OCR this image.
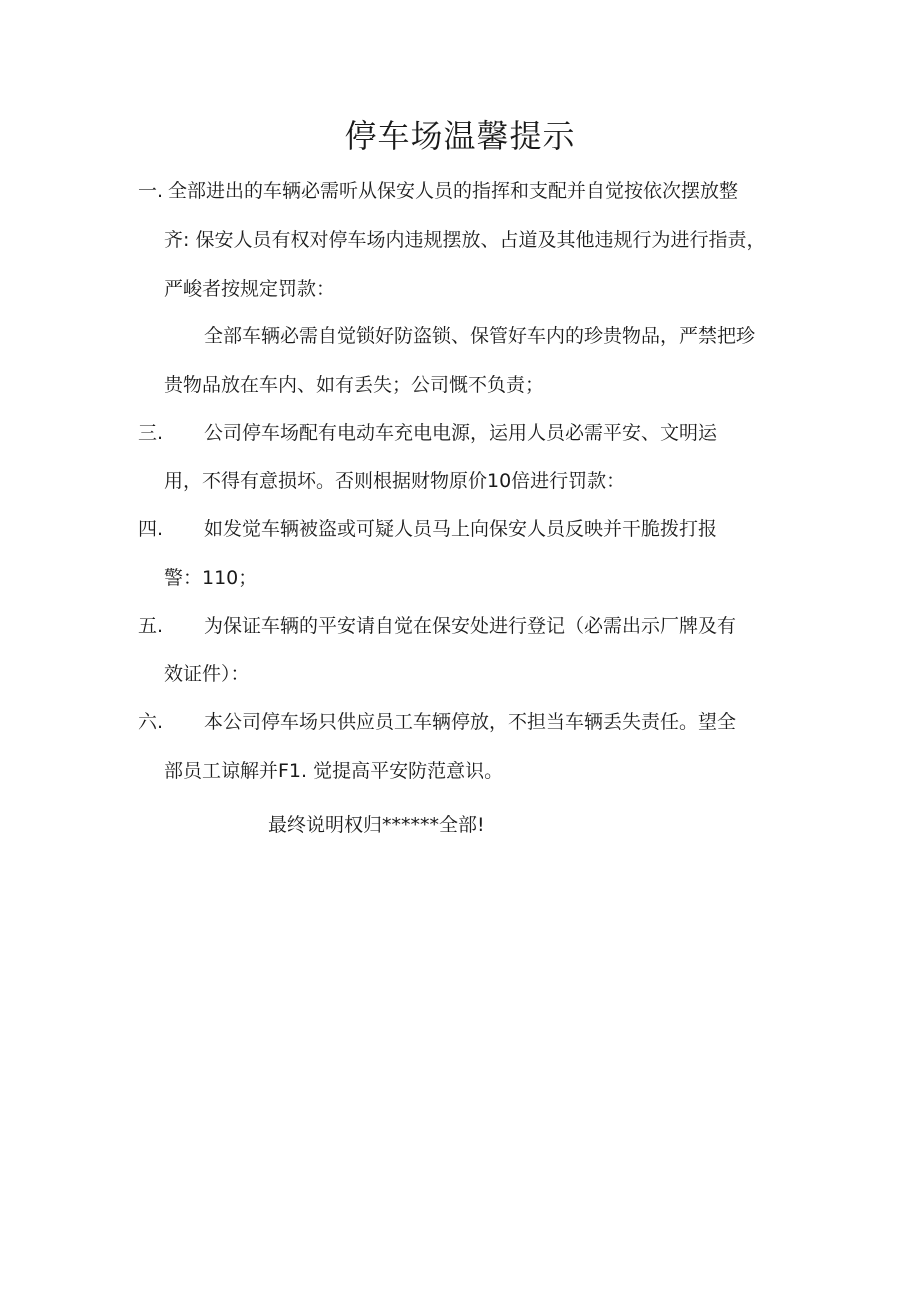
停车场温馨提示
一. 全部进出的车辆必需听从保安人员的指挥和支配并自觉按依次摆放整

齐: 保安人员有权对停车场内违规摆放、占道及其他违规行为进行指责，

严峻者按规定罚款：

全部车辆必需自觉锁好防盗锁、保管好车内的珍贵物品，严禁把珍

贵物品放在车内、如有丢失；公司慨不负责；

三. 公司停车场配有电动车充电电源，运用人员必需平安、文明运

用，不得有意损坏。否则根据财物原价10倍进行罚款：

四. 如发觉车辆被盗或可疑人员马上向保安人员反映并干脆拨打报

警：110；

五. 为保证车辆的平安请自觉在保安处进行登记（必需出示厂牌及有

效证件）：

六. 本公司停车场只供应员工车辆停放，不担当车辆丢失责任。望全

部员工谅解并F1. 觉提高平安防范意识。

最终说明权归******全部!
